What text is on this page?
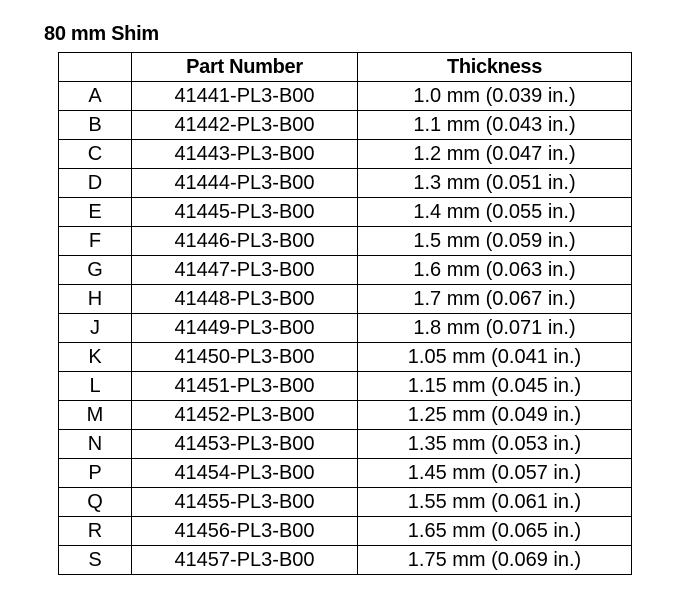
80 mm Shim
	Part Number	Thickness
A	41441-PL3-B00	1.0 mm (0.039 in.)
B	41442-PL3-B00	1.1 mm (0.043 in.)
C	41443-PL3-B00	1.2 mm (0.047 in.)
D	41444-PL3-B00	1.3 mm (0.051 in.)
E	41445-PL3-B00	1.4 mm (0.055 in.)
F	41446-PL3-B00	1.5 mm (0.059 in.)
G	41447-PL3-B00	1.6 mm (0.063 in.)
H	41448-PL3-B00	1.7 mm (0.067 in.)
J	41449-PL3-B00	1.8 mm (0.071 in.)
K	41450-PL3-B00	1.05 mm (0.041 in.)
L	41451-PL3-B00	1.15 mm (0.045 in.)
M	41452-PL3-B00	1.25 mm (0.049 in.)
N	41453-PL3-B00	1.35 mm (0.053 in.)
P	41454-PL3-B00	1.45 mm (0.057 in.)
Q	41455-PL3-B00	1.55 mm (0.061 in.)
R	41456-PL3-B00	1.65 mm (0.065 in.)
S	41457-PL3-B00	1.75 mm (0.069 in.)
